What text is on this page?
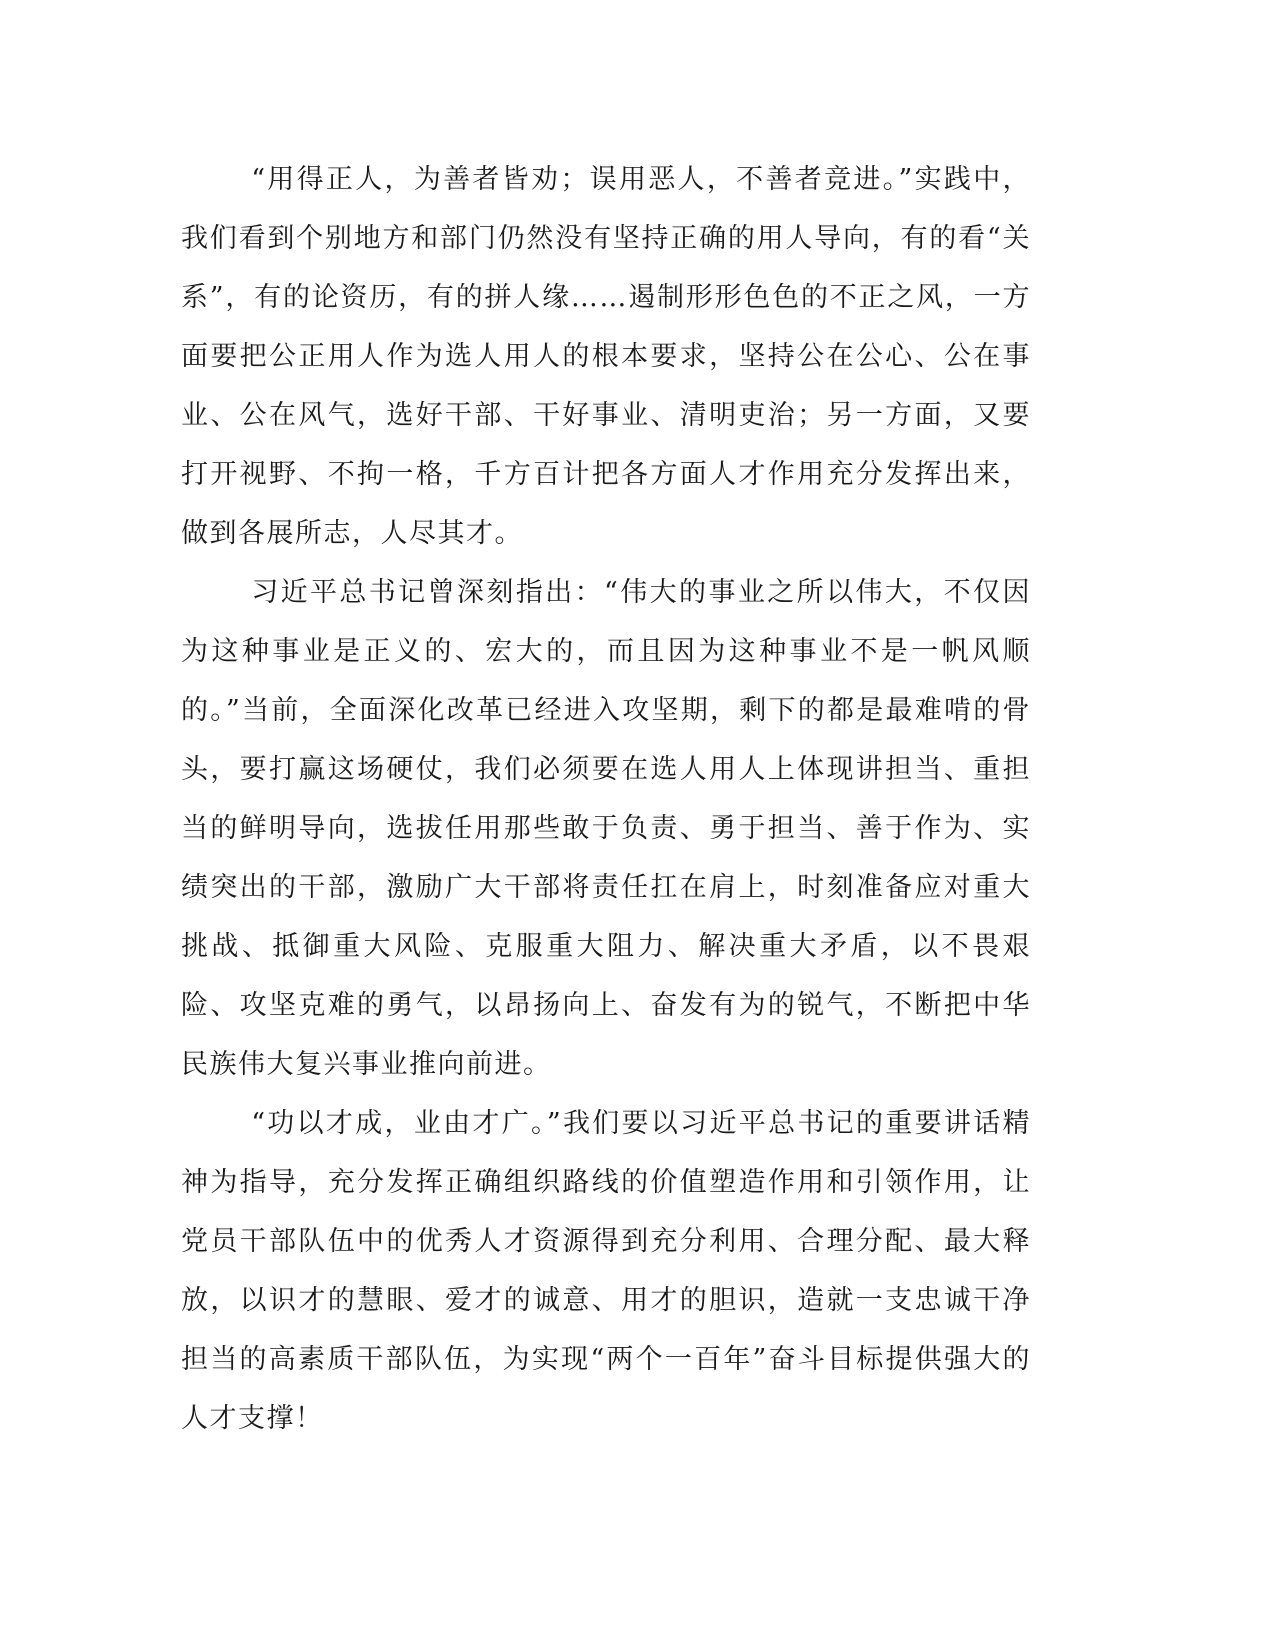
“用得正人，为善者皆劝；误用恶人，不善者竞进。”实践中，我们看到个别地方和部门仍然没有坚持正确的用人导向，有的看“关系”，有的论资历，有的拼人缘……遏制形形色色的不正之风，一方面要把公正用人作为选人用人的根本要求，坚持公在公心、公在事业、公在风气，选好干部、干好事业、清明吏治；另一方面，又要打开视野、不拘一格，千方百计把各方面人才作用充分发挥出来，做到各展所志，人尽其才。

习近平总书记曾深刻指出：“伟大的事业之所以伟大，不仅因为这种事业是正义的、宏大的，而且因为这种事业不是一帆风顺的。”当前，全面深化改革已经进入攻坚期，剩下的都是最难啃的骨头，要打赢这场硬仗，我们必须要在选人用人上体现讲担当、重担当的鲜明导向，选拔任用那些敢于负责、勇于担当、善于作为、实绩突出的干部，激励广大干部将责任扛在肩上，时刻准备应对重大挑战、抵御重大风险、克服重大阻力、解决重大矛盾，以不畏艰险、攻坚克难的勇气，以昂扬向上、奋发有为的锐气，不断把中华民族伟大复兴事业推向前进。

“功以才成，业由才广。”我们要以习近平总书记的重要讲话精神为指导，充分发挥正确组织路线的价值塑造作用和引领作用，让党员干部队伍中的优秀人才资源得到充分利用、合理分配、最大释放，以识才的慧眼、爱才的诚意、用才的胆识，造就一支忠诚干净担当的高素质干部队伍，为实现“两个一百年”奋斗目标提供强大的人才支撑！
